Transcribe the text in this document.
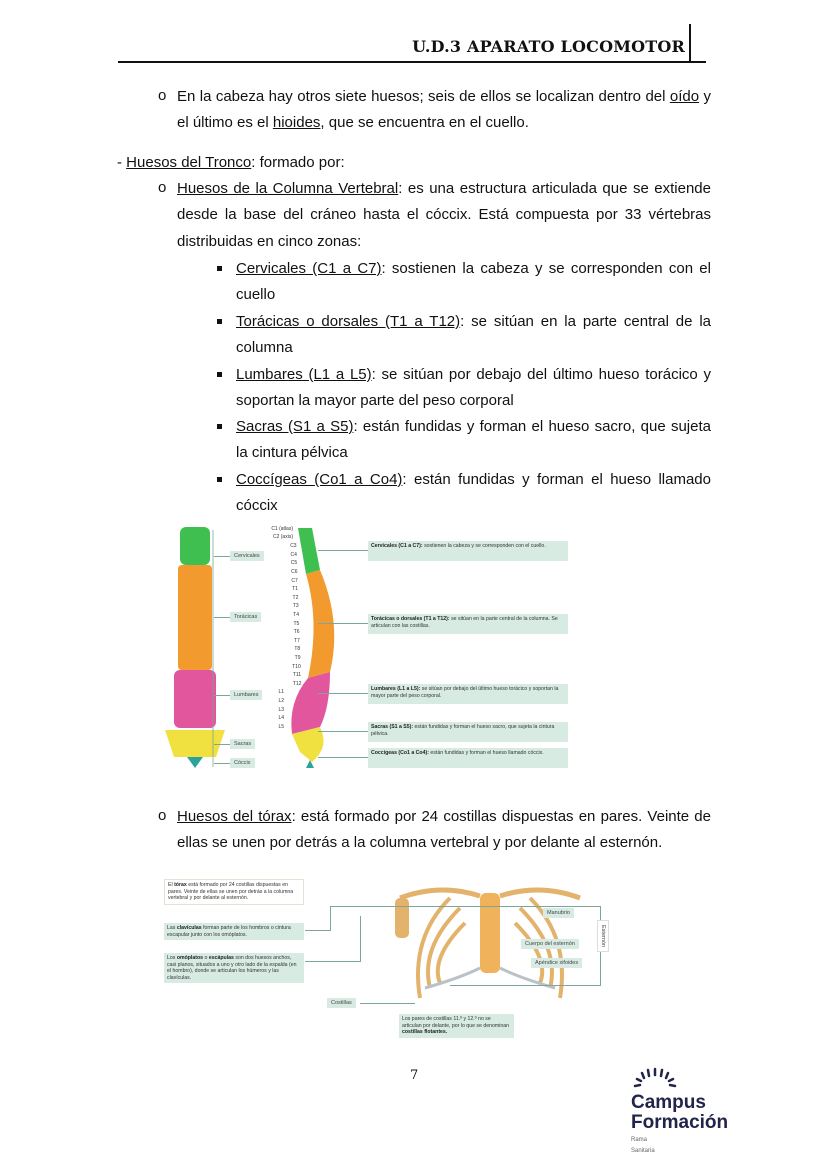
U.D.3 APARATO LOCOMOTOR
o En la cabeza hay otros siete huesos; seis de ellos se localizan dentro del oído y el último es el hioides, que se encuentra en el cuello.
- Huesos del Tronco: formado por:
o Huesos de la Columna Vertebral: es una estructura articulada que se extiende desde la base del cráneo hasta el cóccix. Está compuesta por 33 vértebras distribuidas en cinco zonas:
Cervicales (C1 a C7): sostienen la cabeza y se corresponden con el cuello
Torácicas o dorsales (T1 a T12): se sitúan en la parte central de la columna
Lumbares (L1 a L5): se sitúan por debajo del último hueso torácico y soportan la mayor parte del peso corporal
Sacras (S1 a S5): están fundidas y forman el hueso sacro, que sujeta la cintura pélvica
Coccígeas (Co1 a Co4): están fundidas y forman el hueso llamado cóccix
o Huesos del tórax: está formado por 24 costillas dispuestas en pares. Veinte de ellas se unen por detrás a la columna vertebral y por delante al esternón.
Cervicales
Torácicas
Lumbares
Sacras
Cóccix
C1 (atlas)
C2 (axis)
C3
C4
C5
C6
C7
T1
T2
T3
T4
T5
T6
T7
T8
T9
T10
T11
T12
L1
L2
L3
L4
L5
Cervicales (C1 a C7): sostienen la cabeza y se corresponden con el cuello.
Torácicas o dorsales (T1 a T12): se sitúan en la parte central de la columna. Se articulan con las costillas.
Lumbares (L1 a L5): se sitúan por debajo del último hueso torácico y soportan la mayor parte del peso corporal.
Sacras (S1 a S5): están fundidas y forman el hueso sacro, que sujeta la cintura pélvica.
Coccígeas (Co1 a Co4): están fundidas y forman el hueso llamado cóccix.
El tórax está formado por 24 costillas dispuestas en pares. Veinte de ellas se unen por detrás a la columna vertebral y por delante al esternón.
Las clavículas forman parte de los hombros o cintura escapular junto con los omóplatos.
Los omóplatos o escápulas son dos huesos anchos, casi planos, situados a uno y otro lado de la espalda (en el hombro), donde se articulan los húmeros y las clavículas.
Costillas
Los pares de costillas 11.º y 12.º no se articulan por delante, por lo que se denominan costillas flotantes.
Manubrio
Cuerpo del esternón
Apéndice xifoides
Esternón
7
Campus
Formación
Rama
Sanitaria
